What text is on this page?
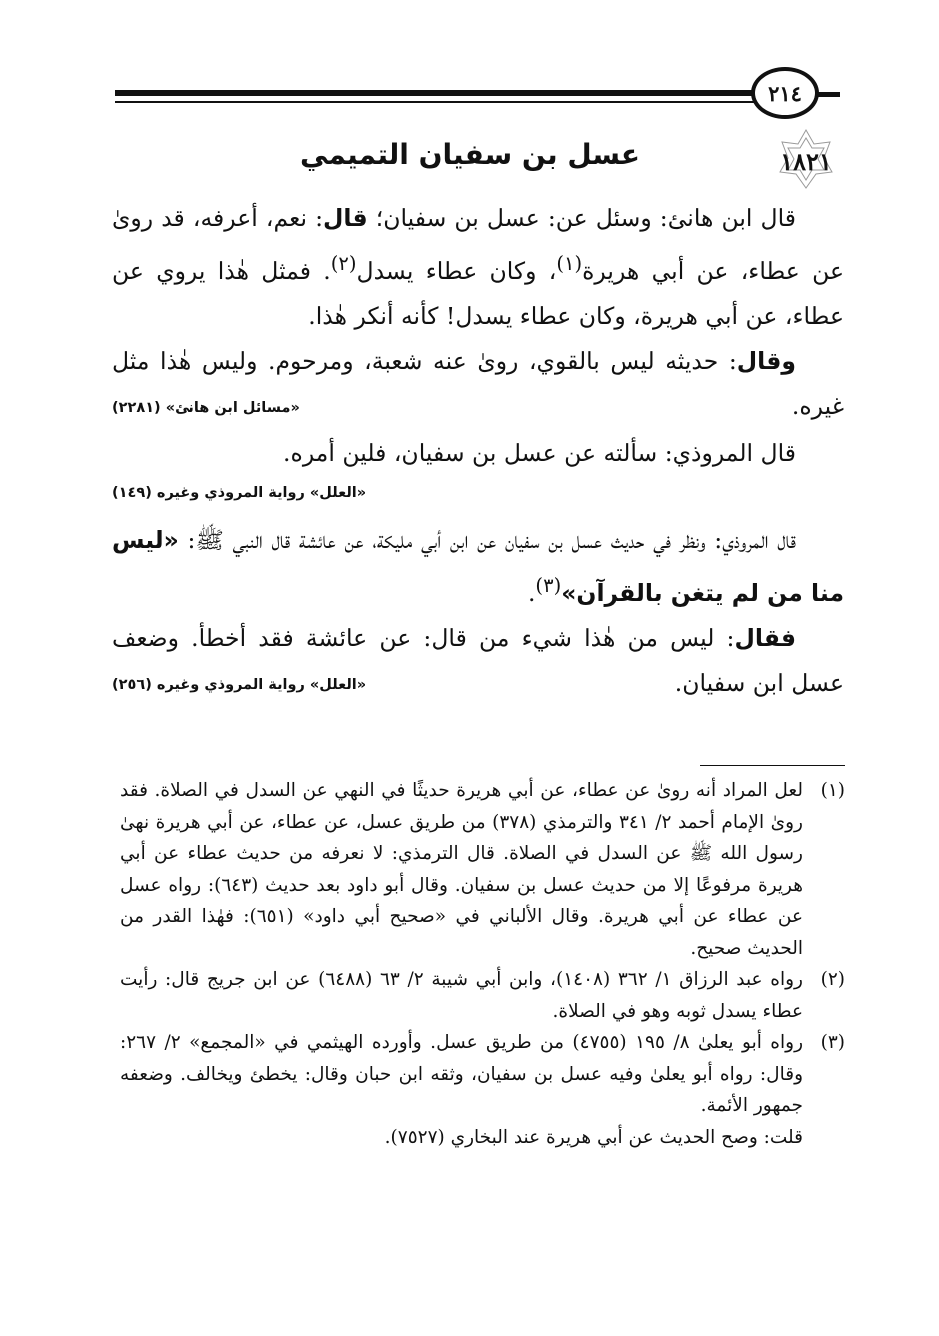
٢١٤
١٨٢١
عسل بن سفيان التميمي

قال ابن هانئ: وسئل عن: عسل بن سفيان؛ قال: نعم، أعرفه، قد روىٰ عن عطاء، عن أبي هريرة$^{(١)}$، وكان عطاء يسدل$^{(٢)}$. فمثل هٰذا يروي عن عطاء، عن أبي هريرة، وكان عطاء يسدل! كأنه أنكر هٰذا.

وقال: حديثه ليس بالقوي، روىٰ عنه شعبة، ومرحوم. وليس هٰذا مثل غيره.
«مسائل ابن هانئ» (٢٢٨١)

قال المروذي: سألته عن عسل بن سفيان، فلين أمره.

«العلل» رواية المروذي وغيره (١٤٩)

قال المروذي: ونظر في حديث عسل بن سفيان عن ابن أبي مليكة، عن عائشة قال النبي ﷺ: «ليس منا من لم يتغن بالقرآن»$^{(٣)}$.

فقال: ليس من هٰذا شيء من قال: عن عائشة فقد أخطأ. وضعف عسل ابن سفيان.
«العلل» رواية المروذي وغيره (٢٥٦)

(١)
لعل المراد أنه روىٰ عن عطاء، عن أبي هريرة حديثًا في النهي عن السدل في الصلاة. فقد روىٰ الإمام أحمد ٢/ ٣٤١ والترمذي (٣٧٨) من طريق عسل، عن عطاء، عن أبي هريرة نهىٰ رسول الله ﷺ عن السدل في الصلاة. قال الترمذي: لا نعرفه من حديث عطاء عن أبي هريرة مرفوعًا إلا من حديث عسل بن سفيان. وقال أبو داود بعد حديث (٦٤٣): رواه عسل عن عطاء عن أبي هريرة. وقال الألباني في «صحيح أبي داود» (٦٥١): فهٰذا القدر من الحديث صحيح.
(٢)
رواه عبد الرزاق ١/ ٣٦٢ (١٤٠٨)، وابن أبي شيبة ٢/ ٦٣ (٦٤٨٨) عن ابن جريج قال: رأيت عطاء يسدل ثوبه وهو في الصلاة.
(٣)
رواه أبو يعلىٰ ٨/ ١٩٥ (٤٧٥٥) من طريق عسل. وأورده الهيثمي في «المجمع» ٢/ ٢٦٧: وقال: رواه أبو يعلىٰ وفيه عسل بن سفيان، وثقه ابن حبان وقال: يخطئ ويخالف. وضعفه جمهور الأئمة.
قلت: وصح الحديث عن أبي هريرة عند البخاري (٧٥٢٧).
